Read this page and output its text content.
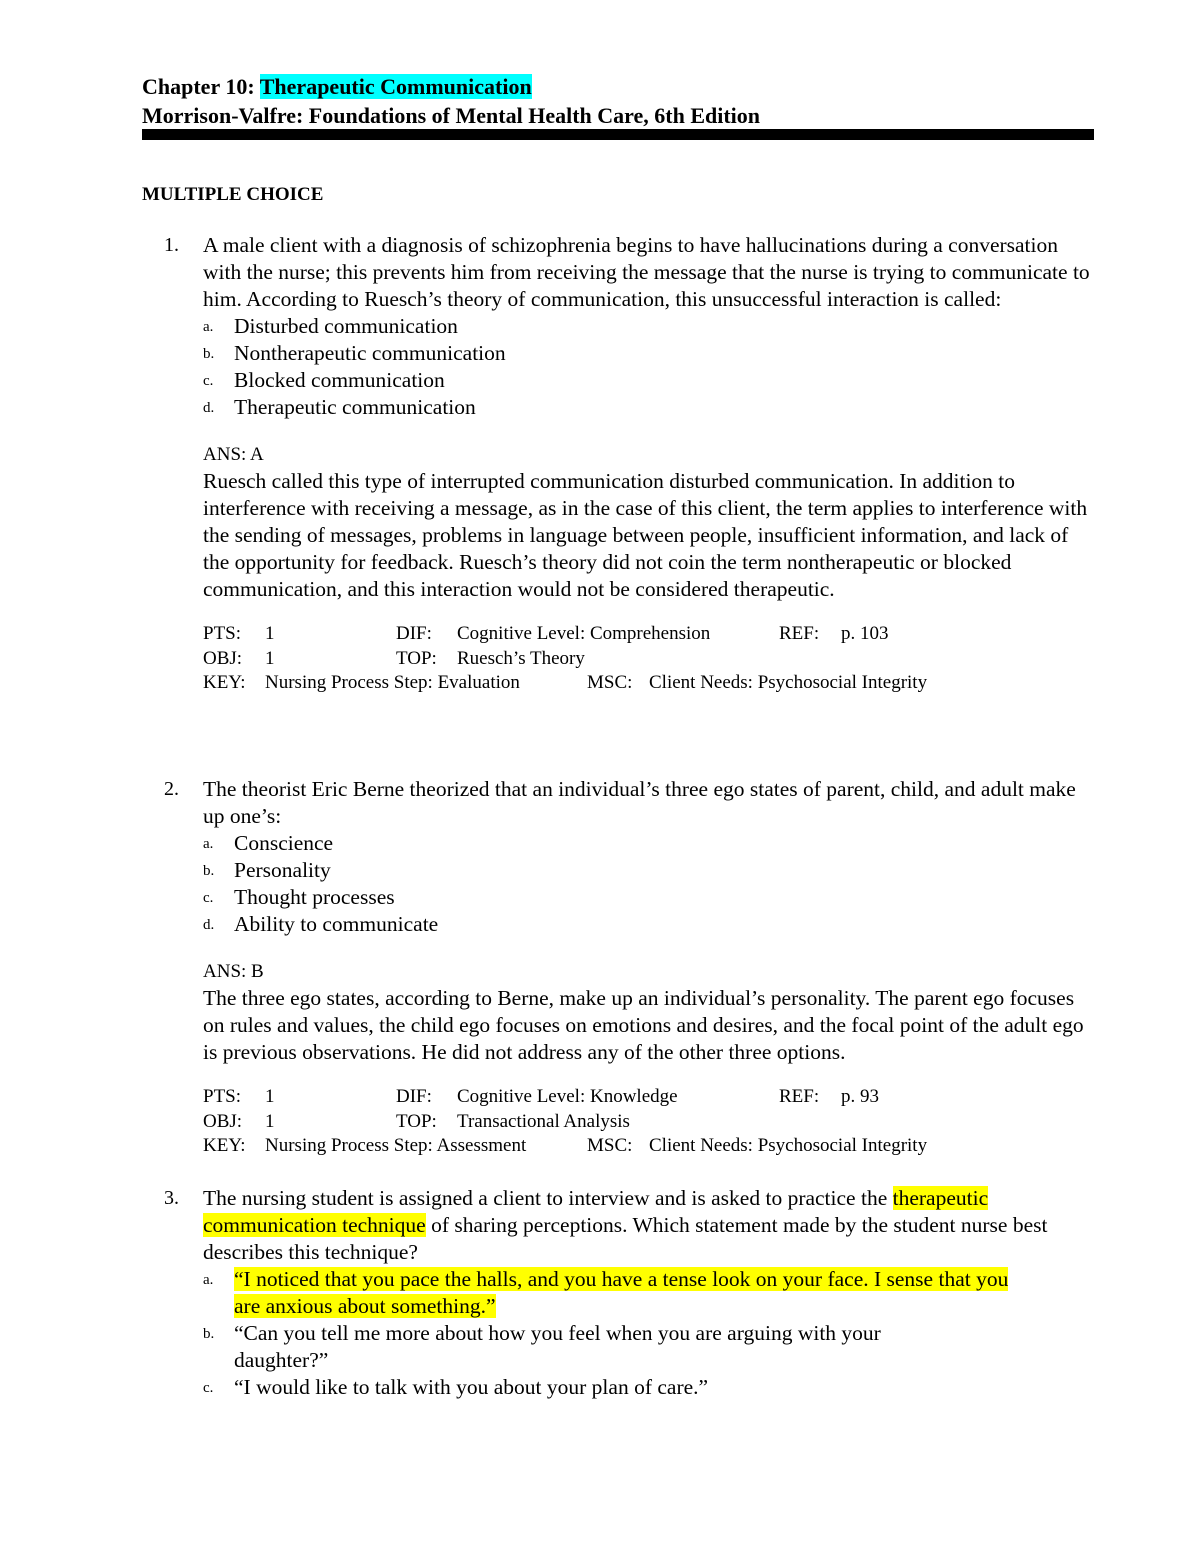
Chapter 10: Therapeutic Communication
Morrison-Valfre: Foundations of Mental Health Care, 6th Edition
MULTIPLE CHOICE
1. A male client with a diagnosis of schizophrenia begins to have hallucinations during a conversation with the nurse; this prevents him from receiving the message that the nurse is trying to communicate to him. According to Ruesch’s theory of communication, this unsuccessful interaction is called:
a. Disturbed communication
b. Nontherapeutic communication
c. Blocked communication
d. Therapeutic communication
ANS: A
Ruesch called this type of interrupted communication disturbed communication. In addition to interference with receiving a message, as in the case of this client, the term applies to interference with the sending of messages, problems in language between people, insufficient information, and lack of the opportunity for feedback. Ruesch’s theory did not coin the term nontherapeutic or blocked communication, and this interaction would not be considered therapeutic.
PTS: 1	DIF: Cognitive Level: Comprehension	REF: p. 103
OBJ: 1	TOP: Ruesch’s Theory
KEY: Nursing Process Step: Evaluation	MSC: Client Needs: Psychosocial Integrity
2. The theorist Eric Berne theorized that an individual’s three ego states of parent, child, and adult make up one’s:
a. Conscience
b. Personality
c. Thought processes
d. Ability to communicate
ANS: B
The three ego states, according to Berne, make up an individual’s personality. The parent ego focuses on rules and values, the child ego focuses on emotions and desires, and the focal point of the adult ego is previous observations. He did not address any of the other three options.
PTS: 1	DIF: Cognitive Level: Knowledge	REF: p. 93
OBJ: 1	TOP: Transactional Analysis
KEY: Nursing Process Step: Assessment	MSC: Client Needs: Psychosocial Integrity
3. The nursing student is assigned a client to interview and is asked to practice the therapeutic communication technique of sharing perceptions. Which statement made by the student nurse best describes this technique?
a. “I noticed that you pace the halls, and you have a tense look on your face. I sense that you are anxious about something.”
b. “Can you tell me more about how you feel when you are arguing with your daughter?”
c. “I would like to talk with you about your plan of care.”
